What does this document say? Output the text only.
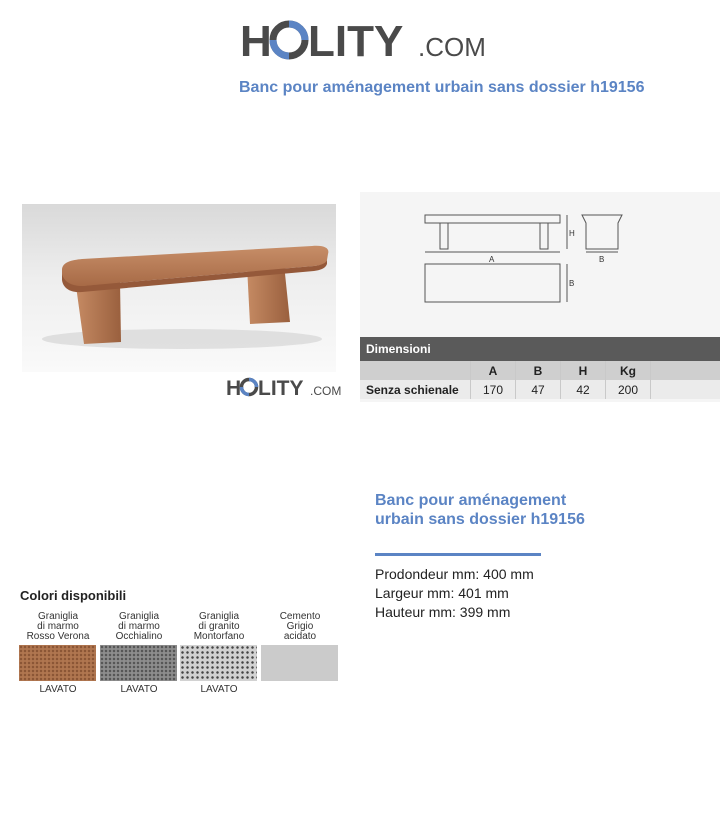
H LITY .COM
Banc pour aménagement urbain sans dossier h19156
H LITY .COM
A
H
B
B
Dimensioni
	A	B	H	Kg	
Senza schienale	170	47	42	200	
Banc pour aménagement urbain sans dossier h19156
Prodondeur mm: 400 mm
Largeur mm: 401 mm
Hauteur mm: 399 mm
Colori disponibili
Graniglia
di marmo
Rosso Verona
Graniglia
di marmo
Occhialino
Graniglia
di granito
Montorfano
Cemento
Grigio
acidato
LAVATO	LAVATO	LAVATO
